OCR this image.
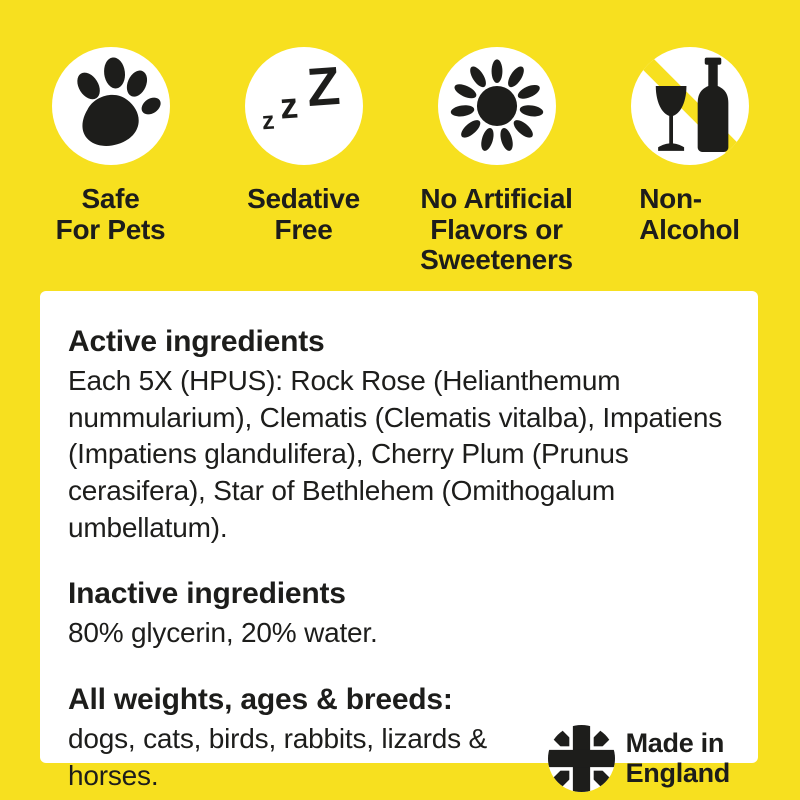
Safe
For Pets
z z Z
Sedative
Free
No Artificial
Flavors or
Sweeteners
Non-
Alcohol
Active ingredients

Each 5X (HPUS): Rock Rose (Helianthemum nummularium), Clematis (Clematis vitalba), Impatiens (Impatiens glandulifera), Cherry Plum (Prunus cerasifera), Star of Bethlehem (Omithogalum umbellatum).

Inactive ingredients

80% glycerin, 20% water.

All weights, ages & breeds:

dogs, cats, birds, rabbits, lizards & horses.

Made in
England
